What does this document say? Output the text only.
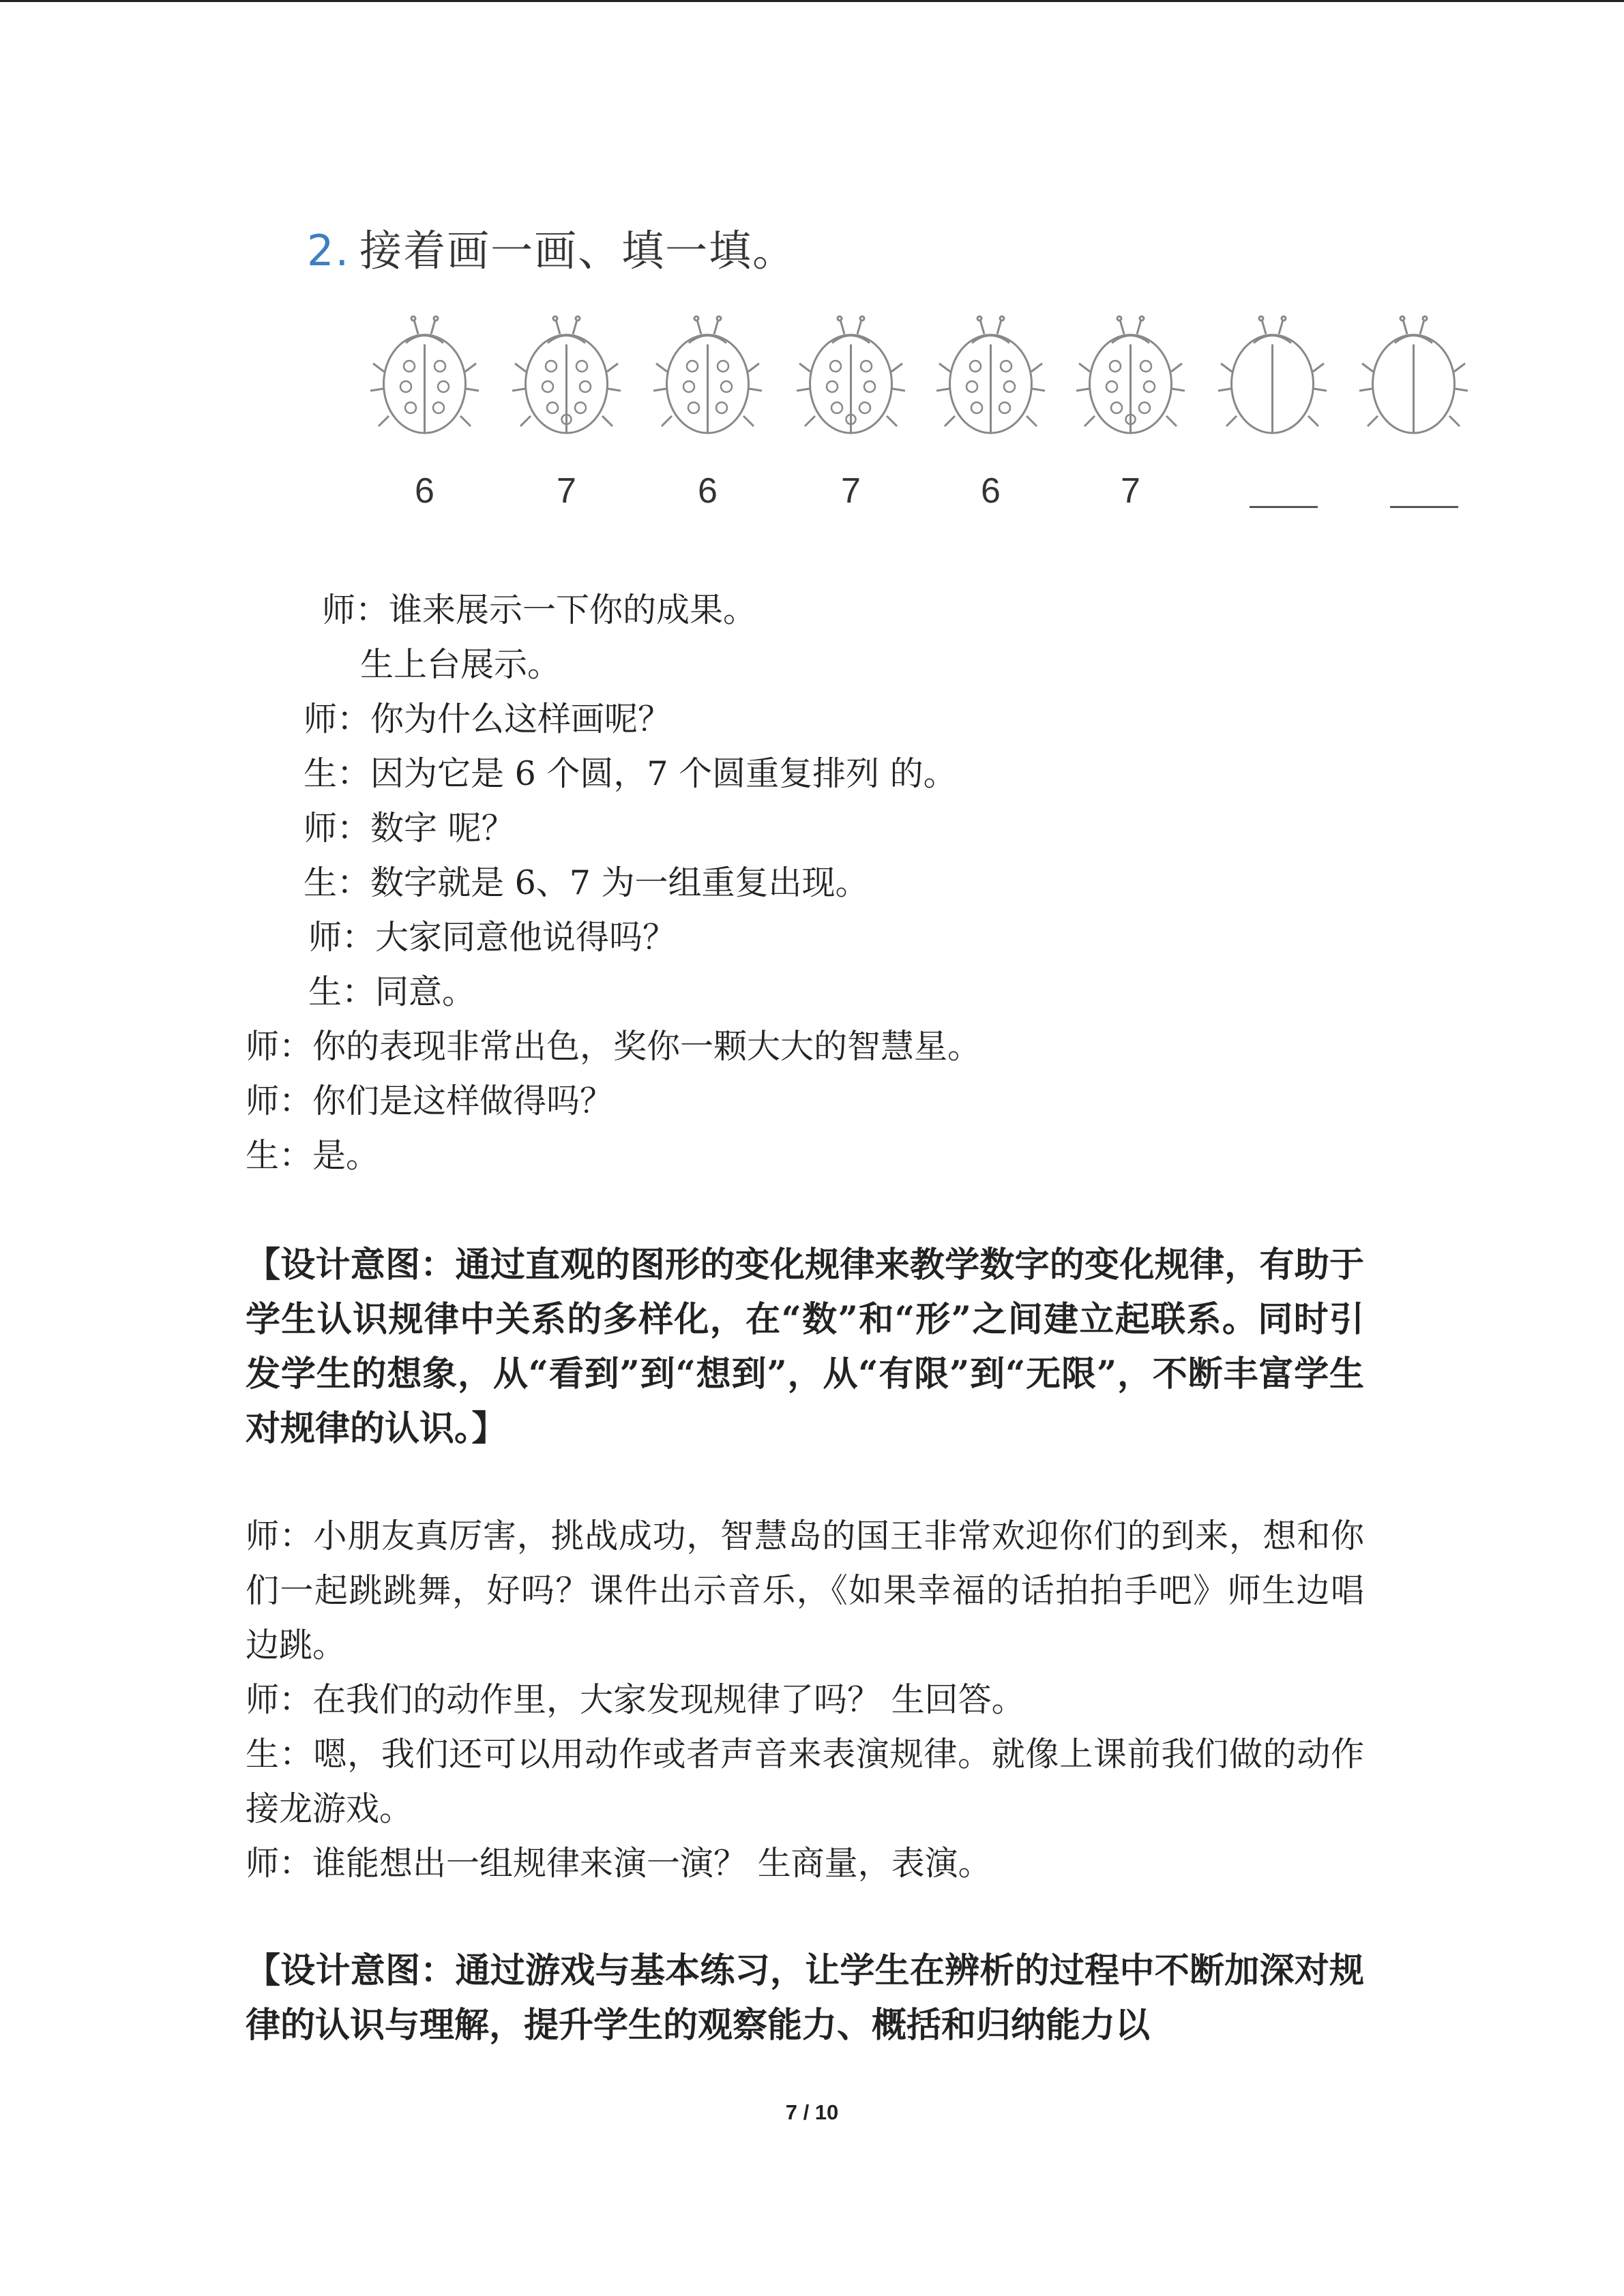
2. 接着画一画、填一填。
6	7	6	7	6	7
师：谁来展示一下你的成果。
生上台展示。
师：你为什么这样画呢？
生：因为它是 6 个圆，7 个圆重复排列 的。
师：数字 呢？
生：数字就是 6、7 为一组重复出现。
师：大家同意他说得吗？
生：同意。
师：你的表现非常出色，奖你一颗大大的智慧星。
师：你们是这样做得吗？
生：是。
【设计意图：通过直观的图形的变化规律来教学数字的变化规律，有助于学生认识规律中关系的多样化，在“数”和“形”之间建立起联系。同时引发学生的想象，从“看到”到“想到”，从“有限”到“无限”，不断丰富学生对规律的认识。】
师：小朋友真厉害，挑战成功，智慧岛的国王非常欢迎你们的到来，想和你们一起跳跳舞，好吗？课件出示音乐，《如果幸福的话拍拍手吧》师生边唱边跳。
师：在我们的动作里，大家发现规律了吗？ 生回答。
生：嗯，我们还可以用动作或者声音来表演规律。就像上课前我们做的动作接龙游戏。
师：谁能想出一组规律来演一演？ 生商量，表演。
【设计意图：通过游戏与基本练习，让学生在辨析的过程中不断加深对规律的认识与理解，提升学生的观察能力、概括和归纳能力以
7 / 10
